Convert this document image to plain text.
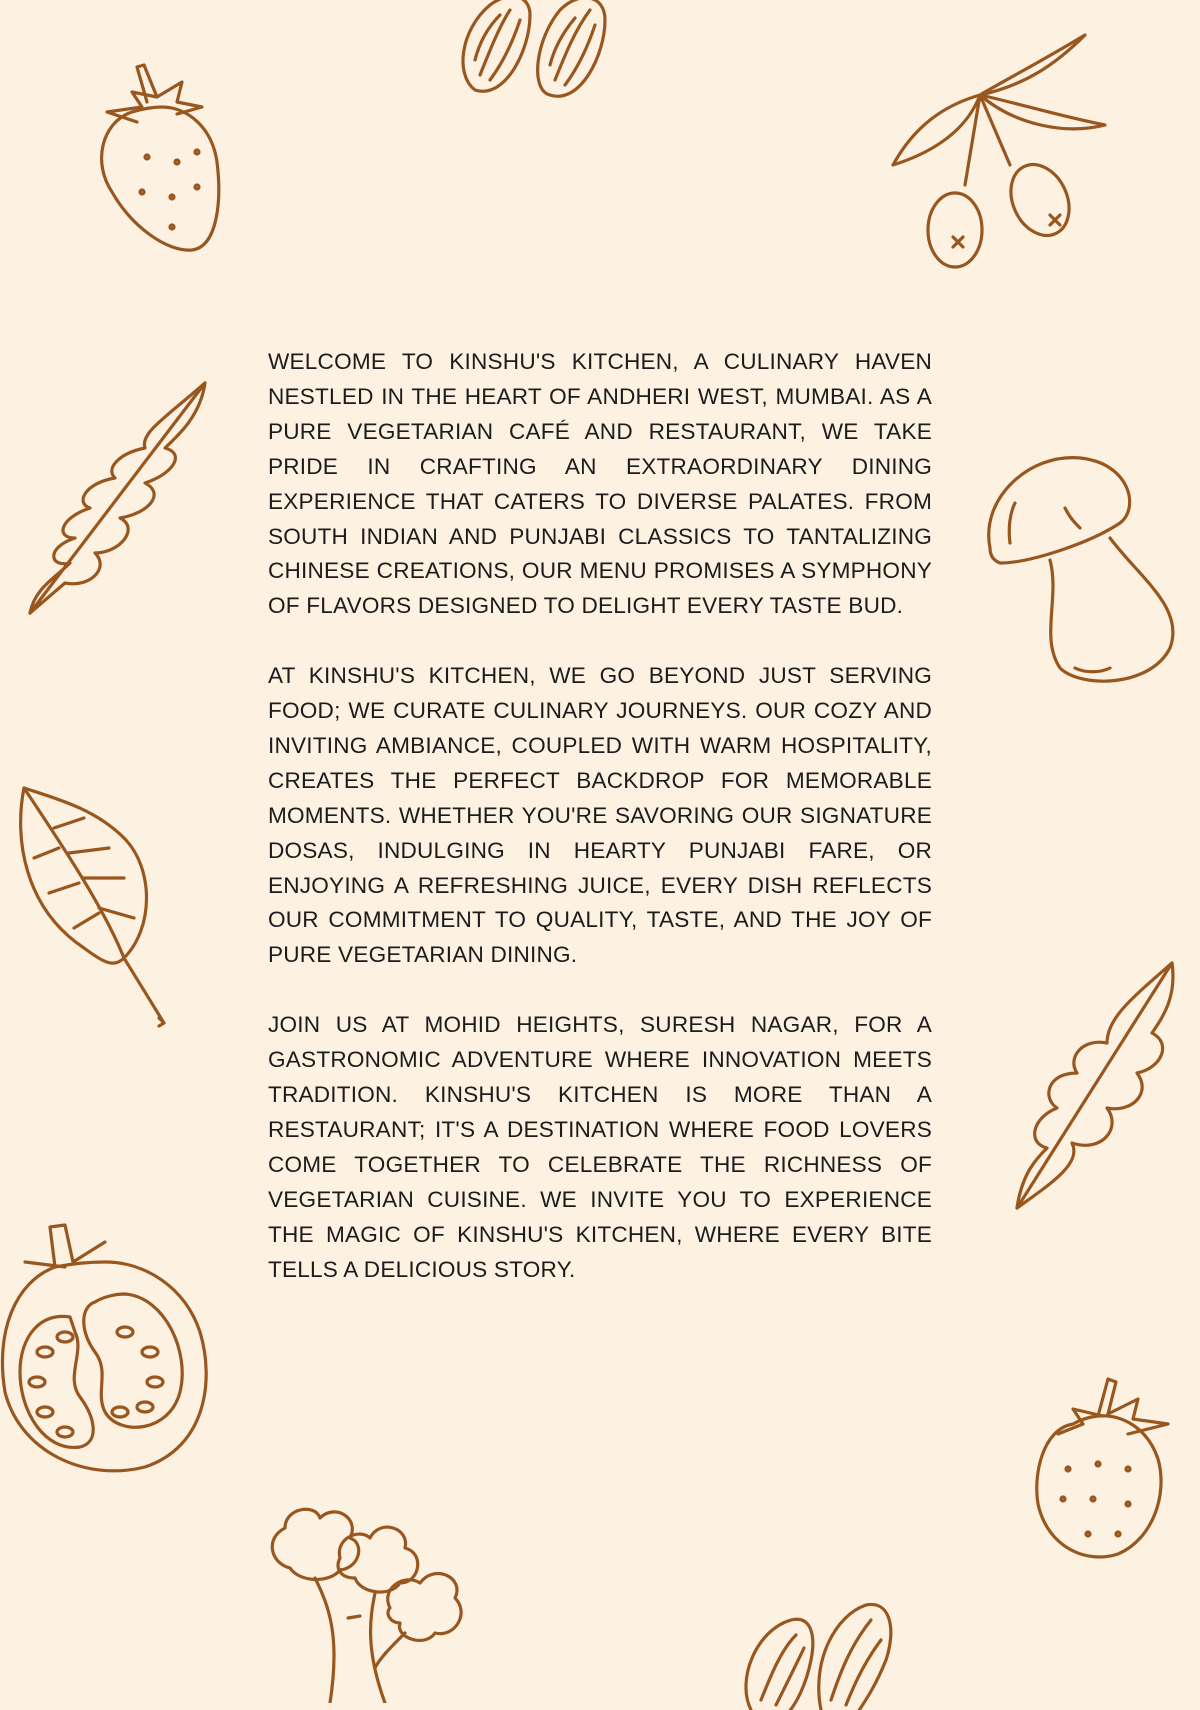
WELCOME TO KINSHU'S KITCHEN, A CULINARY HAVEN NESTLED IN THE HEART OF ANDHERI WEST, MUMBAI. AS A PURE VEGETARIAN CAFÉ AND RESTAURANT, WE TAKE PRIDE IN CRAFTING AN EXTRAORDINARY DINING EXPERIENCE THAT CATERS TO DIVERSE PALATES. FROM SOUTH INDIAN AND PUNJABI CLASSICS TO TANTALIZING CHINESE CREATIONS, OUR MENU PROMISES A SYMPHONY OF FLAVORS DESIGNED TO DELIGHT EVERY TASTE BUD.

AT KINSHU'S KITCHEN, WE GO BEYOND JUST SERVING FOOD; WE CURATE CULINARY JOURNEYS. OUR COZY AND INVITING AMBIANCE, COUPLED WITH WARM HOSPITALITY, CREATES THE PERFECT BACKDROP FOR MEMORABLE MOMENTS. WHETHER YOU'RE SAVORING OUR SIGNATURE DOSAS, INDULGING IN HEARTY PUNJABI FARE, OR ENJOYING A REFRESHING JUICE, EVERY DISH REFLECTS OUR COMMITMENT TO QUALITY, TASTE, AND THE JOY OF PURE VEGETARIAN DINING.

JOIN US AT MOHID HEIGHTS, SURESH NAGAR, FOR A GASTRONOMIC ADVENTURE WHERE INNOVATION MEETS TRADITION. KINSHU'S KITCHEN IS MORE THAN A RESTAURANT; IT'S A DESTINATION WHERE FOOD LOVERS COME TOGETHER TO CELEBRATE THE RICHNESS OF VEGETARIAN CUISINE. WE INVITE YOU TO EXPERIENCE THE MAGIC OF KINSHU'S KITCHEN, WHERE EVERY BITE TELLS A DELICIOUS STORY.
